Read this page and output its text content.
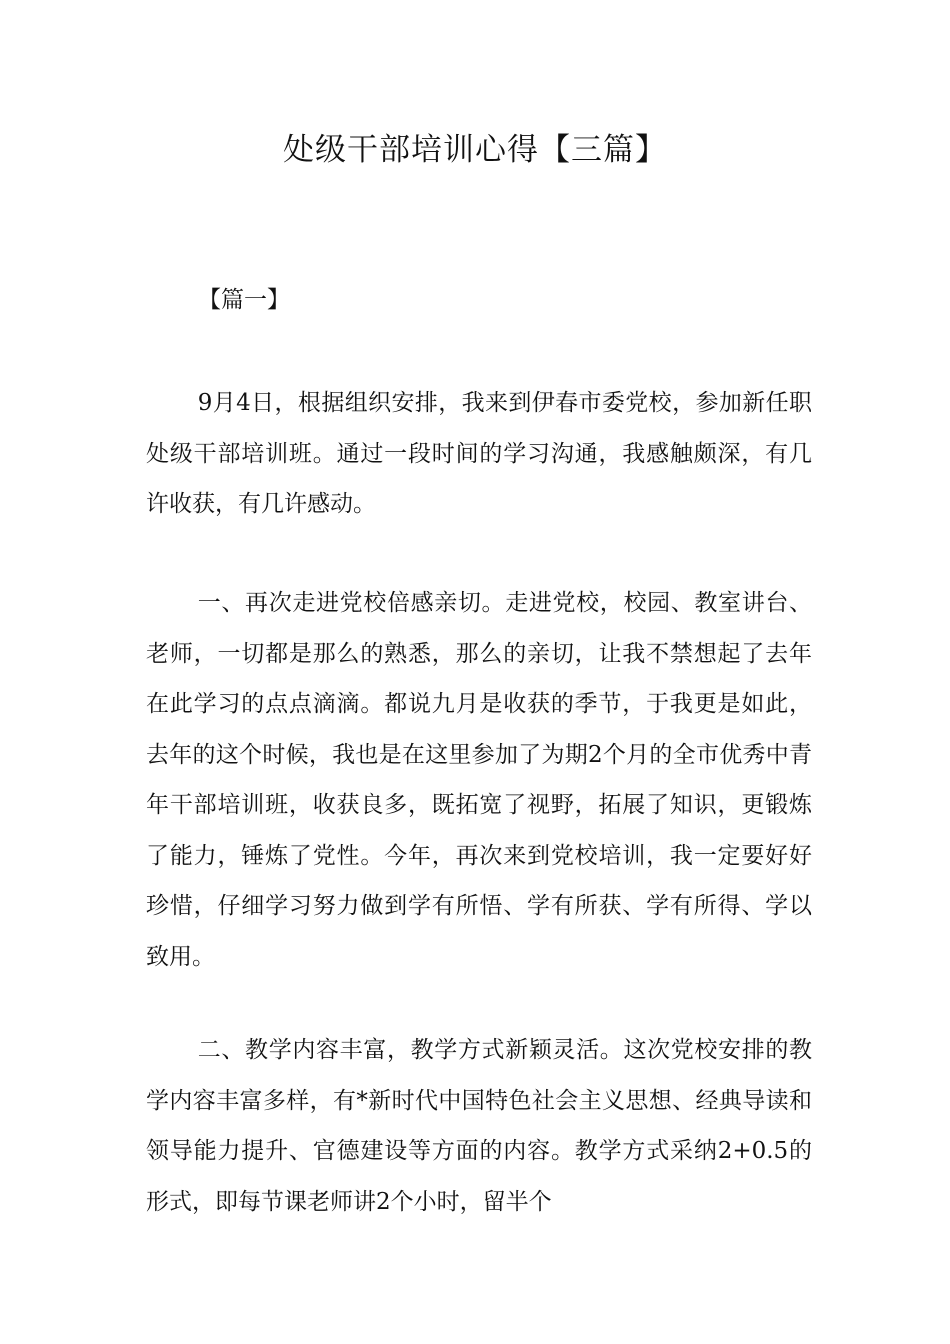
处级干部培训心得【三篇】
【篇一】

9月4日，根据组织安排，我来到伊春市委党校，参加新任职处级干部培训班。通过一段时间的学习沟通，我感触颇深，有几许收获，有几许感动。

一、再次走进党校倍感亲切。走进党校，校园、教室讲台、老师，一切都是那么的熟悉，那么的亲切，让我不禁想起了去年在此学习的点点滴滴。都说九月是收获的季节，于我更是如此，去年的这个时候，我也是在这里参加了为期2个月的全市优秀中青年干部培训班，收获良多，既拓宽了视野，拓展了知识，更锻炼了能力，锤炼了党性。今年，再次来到党校培训，我一定要好好珍惜，仔细学习努力做到学有所悟、学有所获、学有所得、学以致用。

二、教学内容丰富，教学方式新颖灵活。这次党校安排的教学内容丰富多样，有*新时代中国特色社会主义思想、经典导读和领导能力提升、官德建设等方面的内容。教学方式采纳2+0.5的形式，即每节课老师讲2个小时，留半个
